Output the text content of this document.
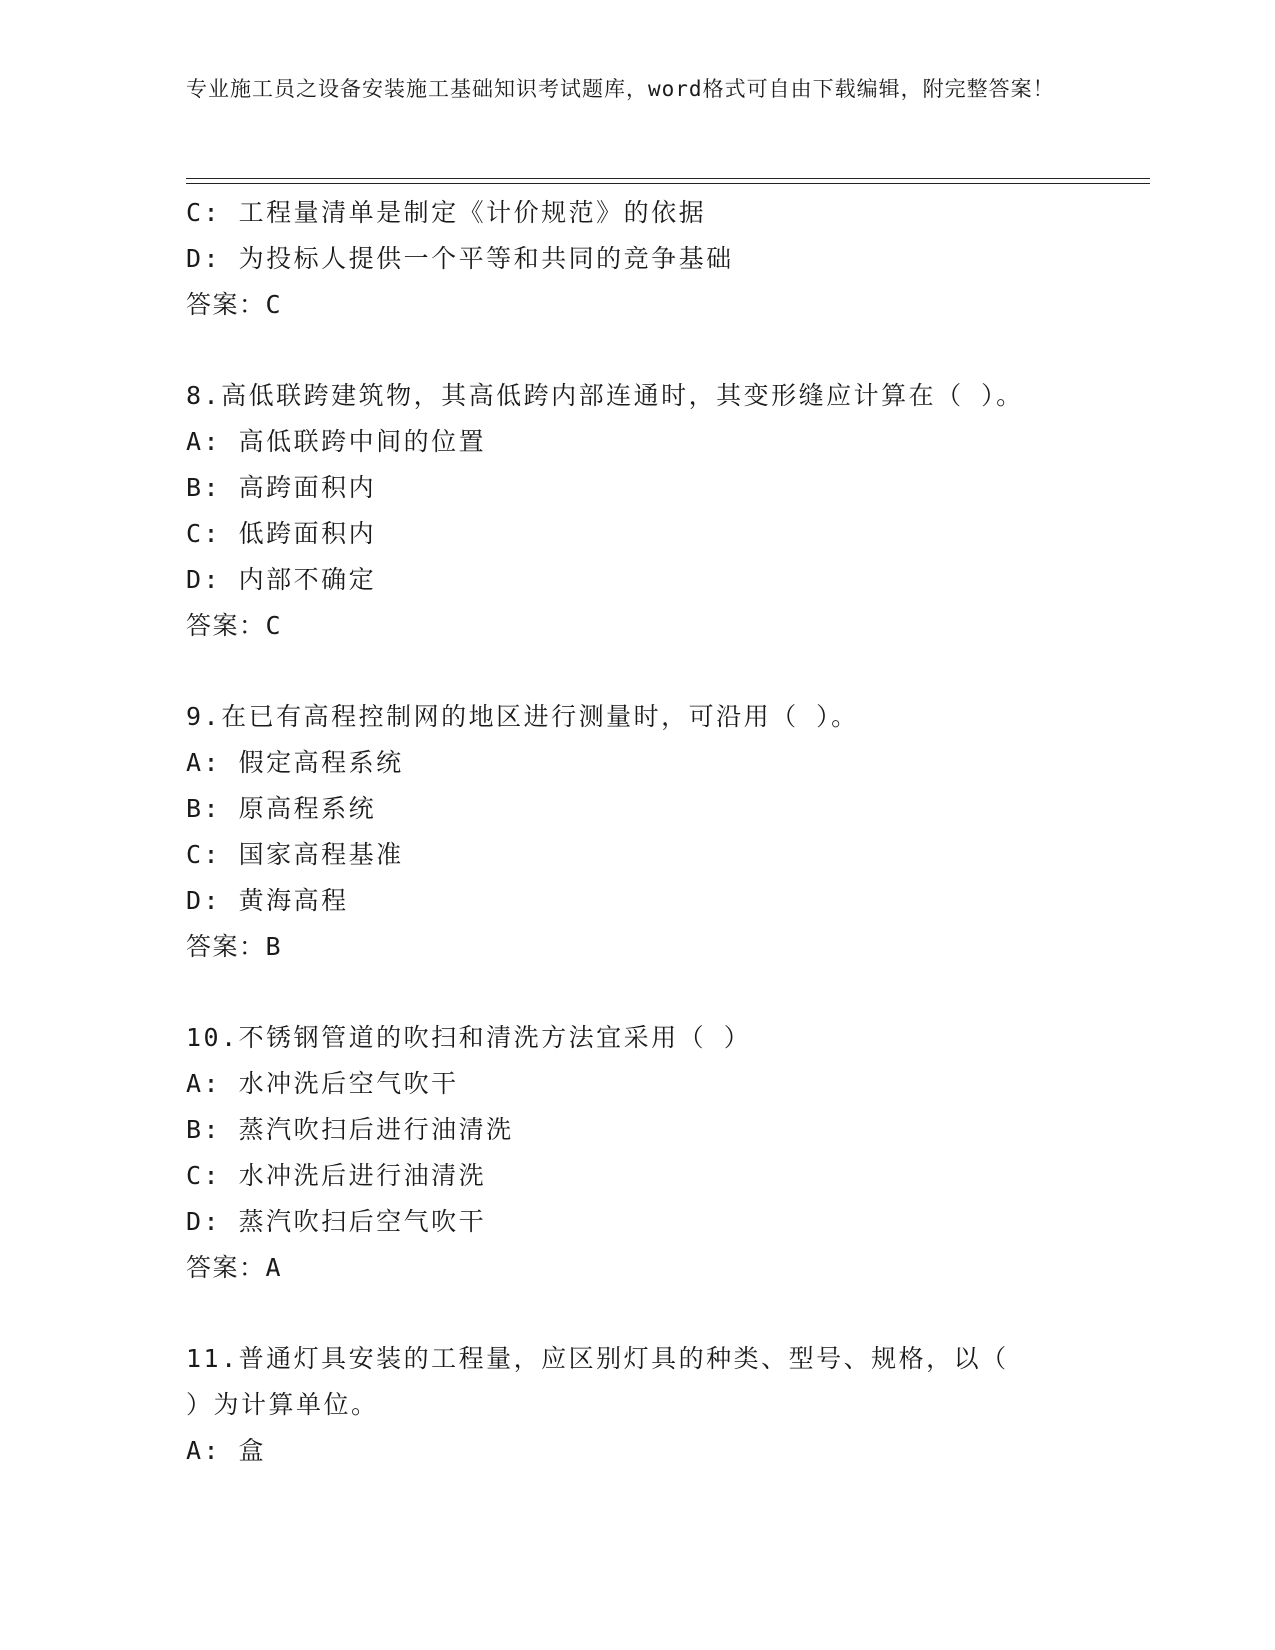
专业施工员之设备安装施工基础知识考试题库，word格式可自由下载编辑，附完整答案！
C: 工程量清单是制定《计价规范》的依据
D: 为投标人提供一个平等和共同的竞争基础
答案：C
8.高低联跨建筑物，其高低跨内部连通时，其变形缝应计算在（ ）。
A: 高低联跨中间的位置
B: 高跨面积内
C: 低跨面积内
D: 内部不确定
答案：C
9.在已有高程控制网的地区进行测量时，可沿用（ ）。
A: 假定高程系统
B: 原高程系统
C: 国家高程基准
D: 黄海高程
答案：B
10.不锈钢管道的吹扫和清洗方法宜采用（ ）
A: 水冲洗后空气吹干
B: 蒸汽吹扫后进行油清洗
C: 水冲洗后进行油清洗
D: 蒸汽吹扫后空气吹干
答案：A
11.普通灯具安装的工程量，应区别灯具的种类、型号、规格，以（
）为计算单位。
A: 盒
